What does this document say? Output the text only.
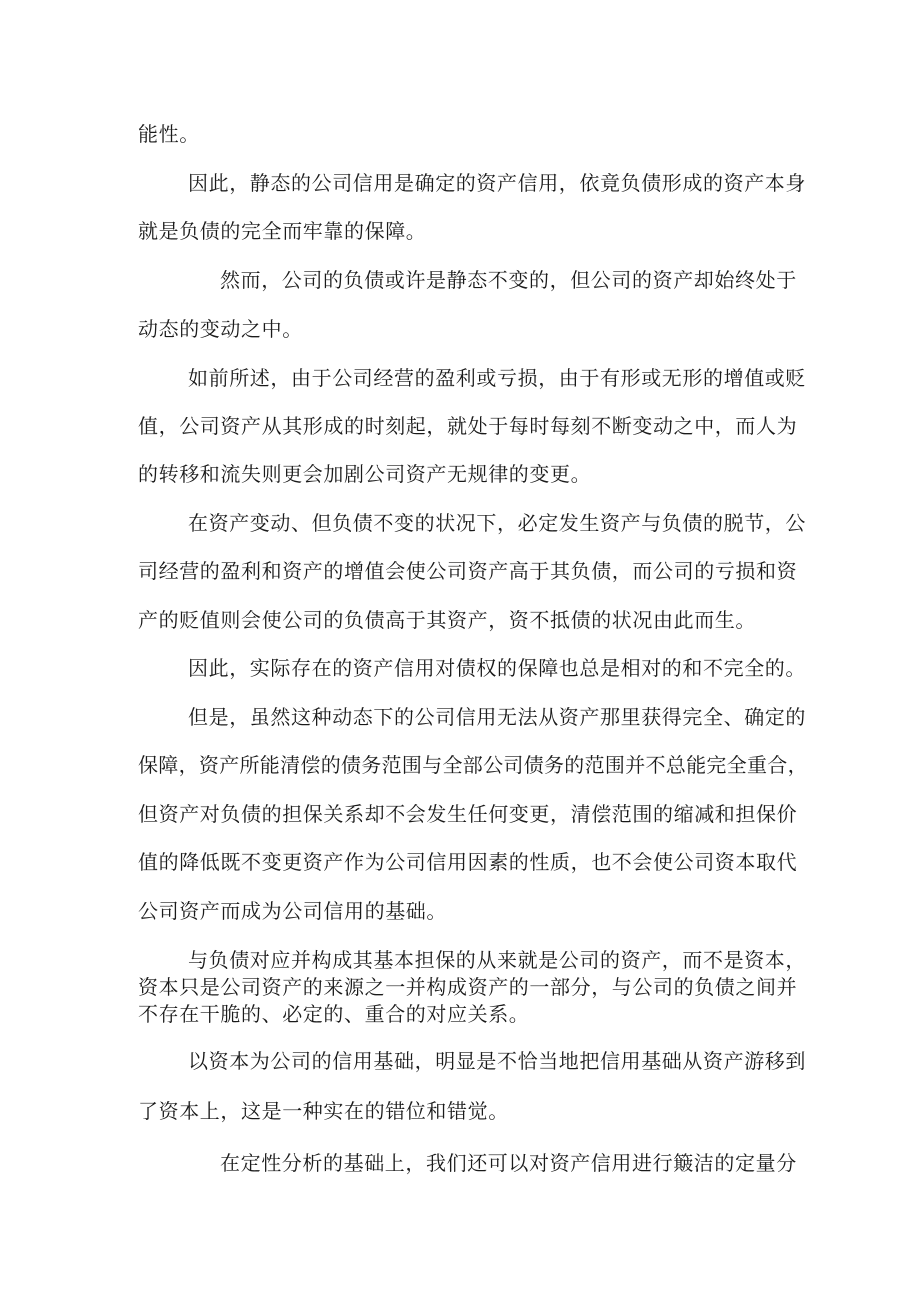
能性。

因此，静态的公司信用是确定的资产信用，依竟负债形成的资产本身

就是负债的完全而牢靠的保障。

然而，公司的负债或许是静态不变的，但公司的资产却始终处于

动态的变动之中。

如前所述，由于公司经营的盈利或亏损，由于有形或无形的增值或贬

值，公司资产从其形成的时刻起，就处于每时每刻不断变动之中，而人为

的转移和流失则更会加剧公司资产无规律的变更。

在资产变动、但负债不变的状况下，必定发生资产与负债的脱节，公

司经营的盈利和资产的增值会使公司资产高于其负债，而公司的亏损和资

产的贬值则会使公司的负债高于其资产，资不抵债的状况由此而生。

因此，实际存在的资产信用对债权的保障也总是相对的和不完全的。

但是，虽然这种动态下的公司信用无法从资产那里获得完全、确定的

保障，资产所能清偿的债务范围与全部公司债务的范围并不总能完全重合，

但资产对负债的担保关系却不会发生任何变更，清偿范围的缩减和担保价

值的降低既不变更资产作为公司信用因素的性质，也不会使公司资本取代

公司资产而成为公司信用的基础。

与负债对应并构成其基本担保的从来就是公司的资产，而不是资本，

资本只是公司资产的来源之一并构成资产的一部分，与公司的负债之间并

不存在干脆的、必定的、重合的对应关系。

以资本为公司的信用基础，明显是不恰当地把信用基础从资产游移到

了资本上，这是一种实在的错位和错觉。

在定性分析的基础上，我们还可以对资产信用进行簸洁的定量分
